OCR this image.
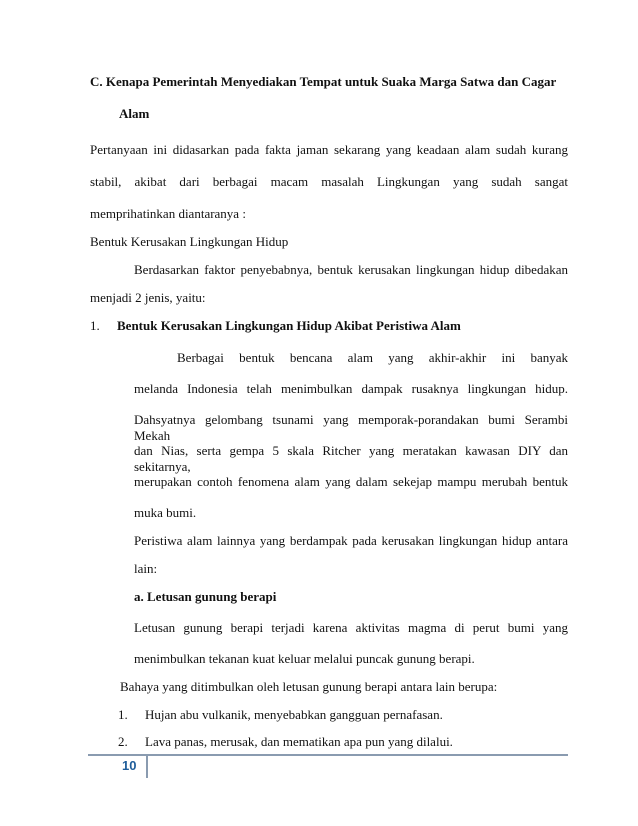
C. Kenapa Pemerintah Menyediakan Tempat untuk Suaka Marga Satwa dan Cagar
Alam
Pertanyaan ini didasarkan pada fakta jaman sekarang yang keadaan alam sudah kurang
stabil, akibat dari berbagai macam masalah Lingkungan yang sudah sangat
memprihatinkan diantaranya :
Bentuk Kerusakan Lingkungan Hidup
Berdasarkan faktor penyebabnya, bentuk kerusakan lingkungan hidup dibedakan
menjadi 2 jenis, yaitu:
1. Bentuk Kerusakan Lingkungan Hidup Akibat Peristiwa Alam
Berbagai bentuk bencana alam yang akhir-akhir ini banyak
melanda Indonesia telah menimbulkan dampak rusaknya lingkungan hidup.
Dahsyatnya gelombang tsunami yang memporak-porandakan bumi Serambi Mekah
dan Nias, serta gempa 5 skala Ritcher yang meratakan kawasan DIY dan sekitarnya,
merupakan contoh fenomena alam yang dalam sekejap mampu merubah bentuk
muka bumi.
Peristiwa alam lainnya yang berdampak pada kerusakan lingkungan hidup antara
lain:
a. Letusan gunung berapi
Letusan gunung berapi terjadi karena aktivitas magma di perut bumi yang
menimbulkan tekanan kuat keluar melalui puncak gunung berapi.
Bahaya yang ditimbulkan oleh letusan gunung berapi antara lain berupa:
1. Hujan abu vulkanik, menyebabkan gangguan pernafasan.
2. Lava panas, merusak, dan mematikan apa pun yang dilalui.
10
